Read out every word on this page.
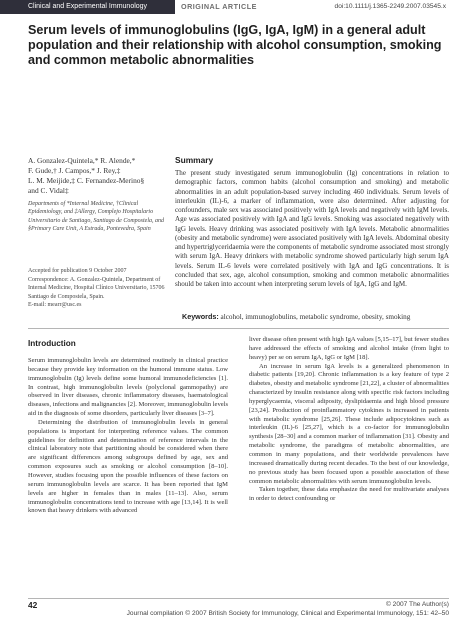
Clinical and Experimental Immunology	ORIGINAL ARTICLE	doi:10.1111/j.1365-2249.2007.03545.x
Serum levels of immunoglobulins (IgG, IgA, IgM) in a general adult population and their relationship with alcohol consumption, smoking and common metabolic abnormalities
A. Gonzalez-Quintela,* R. Alende,*
F. Gude,† J. Campos,* J. Rey,‡
L. M. Meijide,‡ C. Fernandez-Merino§
and C. Vidal‡
Departments of *Internal Medicine, †Clinical Epidemiology, and ‡Allergy, Complejo Hospitalario Universitario de Santiago, Santiago de Compostela, and §Primary Care Unit, A Estrada, Pontevedra, Spain
Accepted for publication 9 October 2007
Correspondence: A. Gonzalez-Quintela, Department of Internal Medicine, Hospital Clínico Universitario, 15706 Santiago de Compostela, Spain.
E-mail: mearr@usc.es
Summary
The present study investigated serum immunoglobulin (Ig) concentrations in relation to demographic factors, common habits (alcohol consumption and smoking) and metabolic abnormalities in an adult population-based survey including 460 individuals. Serum levels of interleukin (IL)-6, a marker of inflammation, were also determined. After adjusting for confounders, male sex was associated positively with IgA levels and negatively with IgM levels. Age was associated positively with IgA and IgG levels. Smoking was associated negatively with IgG levels. Heavy drinking was associated positively with IgA levels. Metabolic abnormalities (obesity and metabolic syndrome) were associated positively with IgA levels. Abdominal obesity and hypertriglyceridaemia were the components of metabolic syndrome associated most strongly with serum IgA. Heavy drinkers with metabolic syndrome showed particularly high serum IgA levels. Serum IL-6 levels were correlated positively with IgA and IgG concentrations. It is concluded that sex, age, alcohol consumption, smoking and common metabolic abnormalities should be taken into account when interpreting serum levels of IgA, IgG and IgM.
Keywords: alcohol, immunoglobulins, metabolic syndrome, obesity, smoking
Introduction

Serum immunoglobulin levels are determined routinely in clinical practice because they provide key information on the humoral immune status. Low immunoglobulin (Ig) levels define some humoral immunodeficiencies [1]. In contrast, high immunoglobulin levels (polyclonal gammopathy) are observed in liver diseases, chronic inflammatory diseases, haematological diseases, infections and malignancies [2]. Moreover, immunoglobulin levels aid in the diagnosis of some disorders, particularly liver diseases [3–7].

Determining the distribution of immunoglobulin levels in general populations is important for interpreting reference values. The common guidelines for definition and determination of reference intervals in the clinical laboratory note that partitioning should be considered when there are significant differences among subgroups defined by age, sex and common exposures such as smoking or alcohol consumption [8–10]. However, studies focusing upon the possible influences of these factors on serum immunoglobulin levels are scarce. It has been reported that IgM levels are higher in females than in males [11–13]. Also, serum immunoglobulin concentrations tend to increase with age [13,14]. It is well known that heavy drinkers with advanced

liver disease often present with high IgA values [5,15–17], but fewer studies have addressed the effects of smoking and alcohol intake (from light to heavy) per se on serum IgA, IgG or IgM [18].

An increase in serum IgA levels is a generalized phenomenon in diabetic patients [19,20]. Chronic inflammation is a key feature of type 2 diabetes, obesity and metabolic syndrome [21,22], a cluster of abnormalities characterized by insulin resistance along with specific risk factors including hyperglycaemia, visceral adiposity, dyslipidaemia and high blood pressure [23,24]. Production of proinflammatory cytokines is increased in patients with metabolic syndrome [25,26]. These include adipocytokines such as interleukin (IL)-6 [25,27], which is a co-factor for immunoglobulin synthesis [28–30] and a common marker of inflammation [31]. Obesity and metabolic syndrome, the paradigms of metabolic abnormalities, are common in many populations, and their worldwide prevalences have increased dramatically during recent decades. To the best of our knowledge, no previous study has been focused upon a possible association of these common metabolic abnormalities with serum immunoglobulin levels.

Taken together, these data emphasize the need for multivariate analyses in order to detect confounding or

42	© 2007 The Author(s)
Journal compilation © 2007 British Society for Immunology, Clinical and Experimental Immunology, 151: 42–50
